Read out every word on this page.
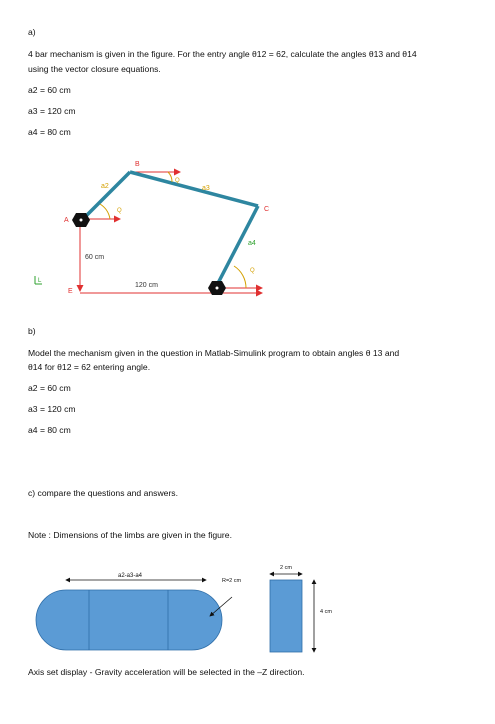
a)
4 bar mechanism is given in the figure. For the entry angle θ12 = 62, calculate the angles θ13 and θ14
using the vector closure equations.
a2 = 60 cm
a3 = 120 cm
a4 = 80 cm
B
C
A
E
L
a2	a3
a4
Q
Q
Q
60 cm
120 cm
b)
Model the mechanism given in the question in Matlab-Simulink program to obtain angles θ 13 and
θ14 for θ12 = 62 entering angle.
a2 = 60 cm
a3 = 120 cm
a4 = 80 cm
c) compare the questions and answers.
Note : Dimensions of the limbs are given in the figure.
a2-a3-a4
R=2 cm
2 cm
4 cm
Axis set display - Gravity acceleration will be selected in the –Z direction.
